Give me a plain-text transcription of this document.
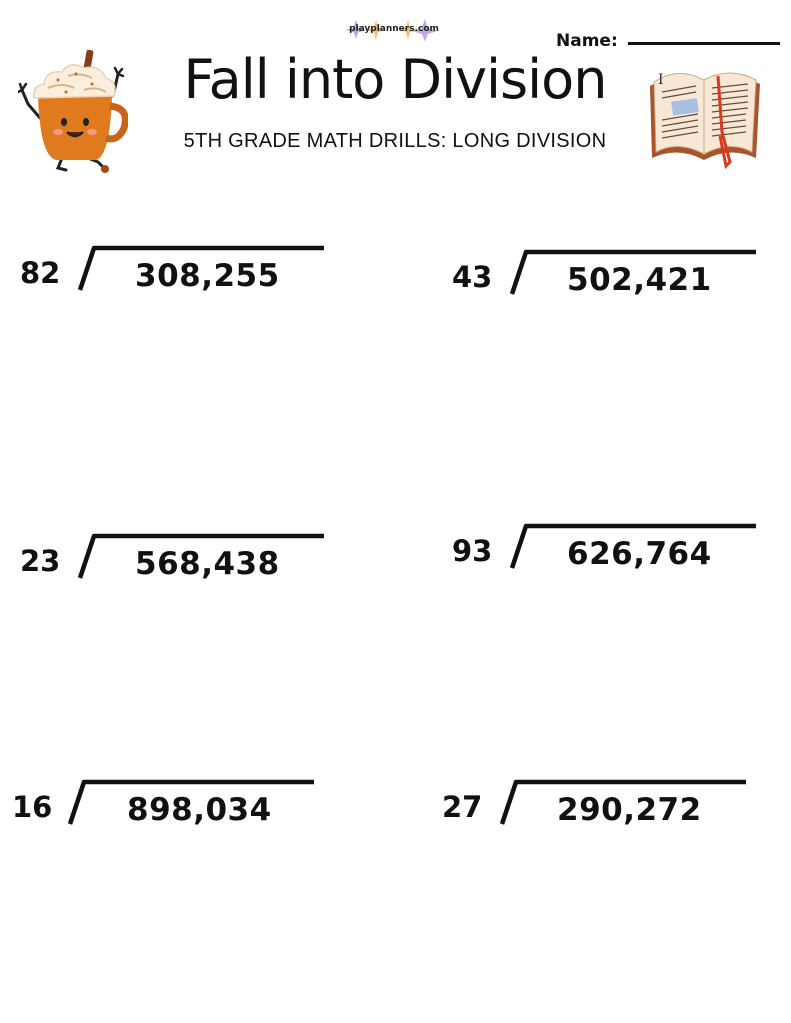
playplanners.com
Name:
Fall into Division
5TH GRADE MATH DRILLS: LONG DIVISION
I
82 308,255	43 502,421
23 568,438	93 626,764
16 898,034	27 290,272
